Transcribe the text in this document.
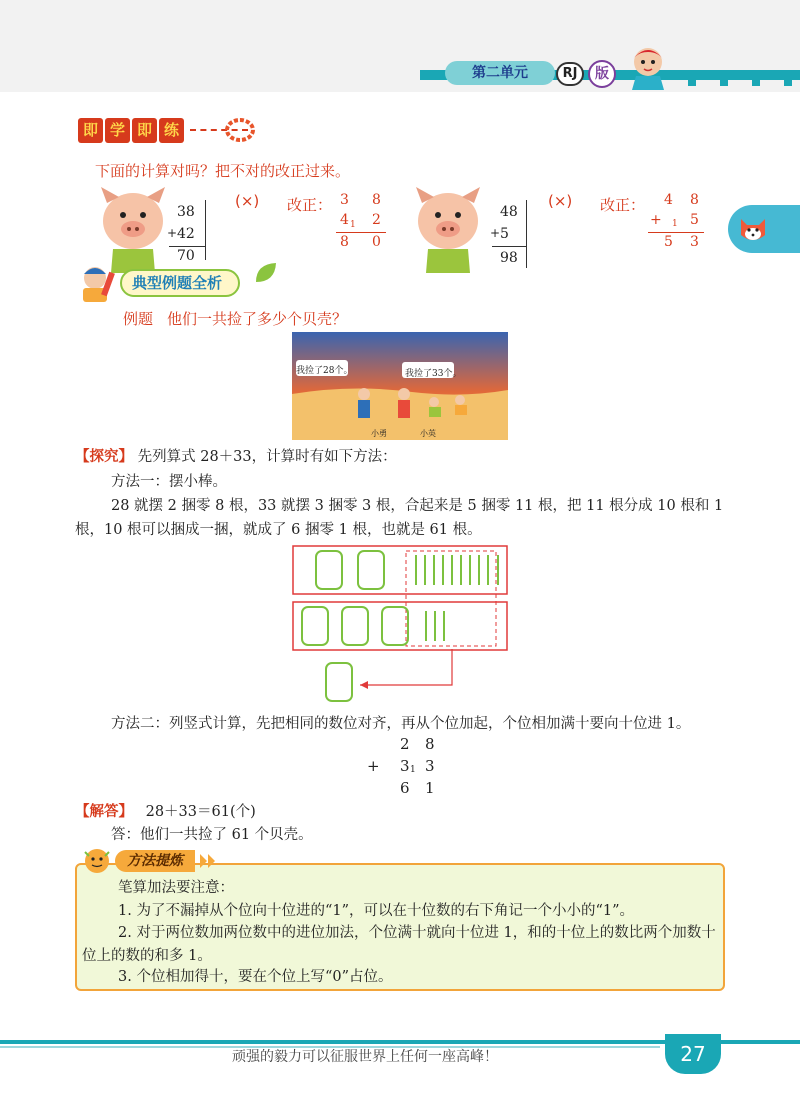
第二单元	RJ	版
即 学 即 练
下面的计算对吗？把不对的改正过来。
38
+ 42
70
(×) 改正： 3 8
4 1 2
8 0
48
+ 5
98
(×) 改正： 4 8
+ 1 5
5 3
典型例题全析
例题 他们一共捡了多少个贝壳？
我捡了28个。	我捡了33个。
小勇	小英
【探究】 先列算式 28＋33，计算时有如下方法：
方法一：摆小棒。
28 就摆 2 捆零 8 根，33 就摆 3 捆零 3 根，合起来是 5 捆零 11 根，把 11 根分成 10 根和 1 根，10 根可以捆成一捆，就成了 6 捆零 1 根，也就是 61 根。
方法二：列竖式计算，先把相同的数位对齐，再从个位加起，个位相加满十要向十位进 1。
2 8
+ 3 1 3
6 1
【解答】 28＋33＝61(个)
答：他们一共捡了 61 个贝壳。
方法提炼
笔算加法要注意：
1. 为了不漏掉从个位向十位进的“1”，可以在十位数的右下角记一个小小的“1”。
2. 对于两位数加两位数中的进位加法，个位满十就向十位进 1，和的十位上的数比两个加数十位上的数的和多 1。
3. 个位相加得十，要在个位上写“0”占位。
顽强的毅力可以征服世界上任何一座高峰！	27
